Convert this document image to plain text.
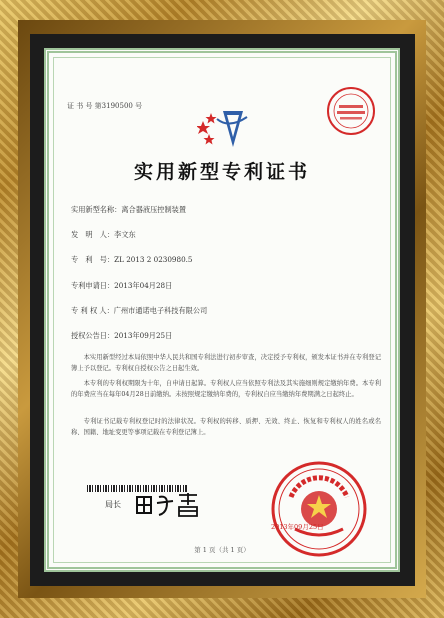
证 书 号 第3190500 号
实用新型专利证书
实用新型名称：离合器液压控制装置
发　明　人：李文东
专　利　号：ZL 2013 2 0230980.5
专利申请日：2013年04月28日
专 利 权 人：广州市通诺电子科技有限公司
授权公告日：2013年09月25日
本实用新型经过本局依照中华人民共和国专利法进行初步审查，决定授予专利权，颁发本证书并在专利登记簿上予以登记。专利权自授权公告之日起生效。
本专利的专利权期限为十年，自申请日起算。专利权人应当依照专利法及其实施细则规定缴纳年费。本专利的年费应当在每年04月28日前缴纳。未按照规定缴纳年费的，专利权自应当缴纳年费期满之日起终止。
专利证书记载专利权登记时的法律状况。专利权的转移、质押、无效、终止、恢复和专利权人的姓名或名称、国籍、地址变更等事项记载在专利登记簿上。
局长
2013年09月25日
第 1 页（共 1 页）
